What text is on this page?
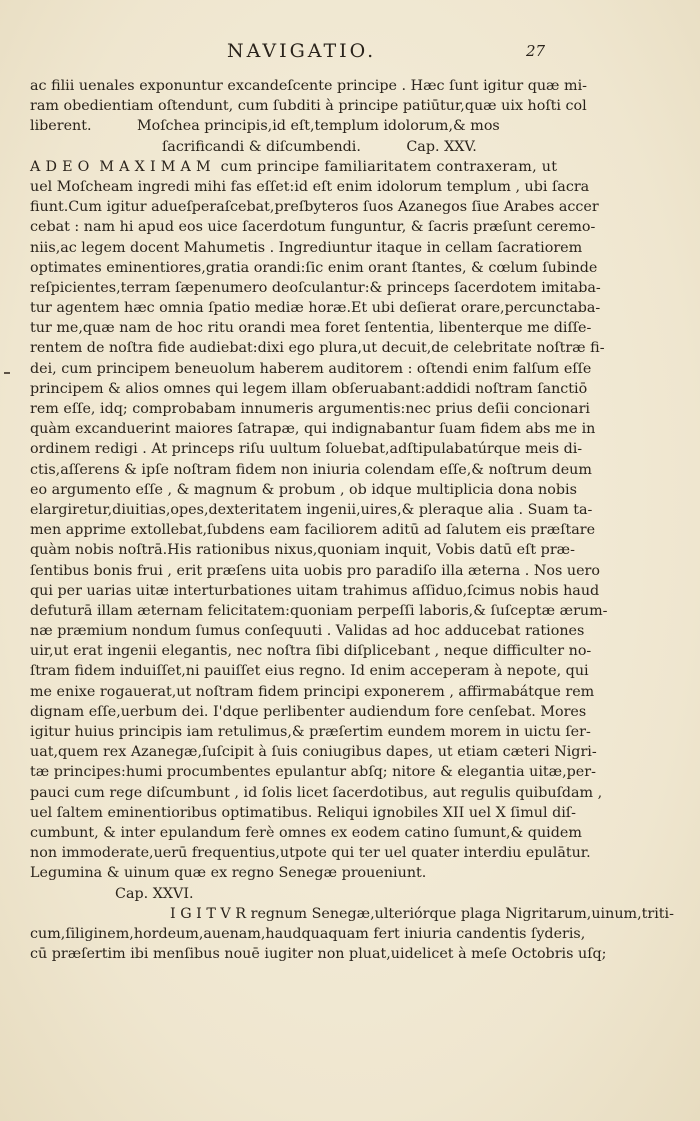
NAVIGATIO.	27
ac filii uenales exponuntur excandeſcente principe . Hæc ſunt igitur quæ mi-
ram obedientiam oſtendunt, cum ſubditi à principe patiūtur,quæ uix hoſti col
liberent.          Moſchea principis,id eſt,templum idolorum,& mos
ſacrificandi & diſcumbendi.          Cap. XXV.
A D E O  M A X I M A M  cum principe familiaritatem contraxeram, ut
uel Moſcheam ingredi mihi fas eſſet:id eſt enim idolorum templum , ubi ſacra
fiunt.Cum igitur adueſperaſcebat,preſbyteros ſuos Azanegos ſiue Arabes accer
cebat : nam hi apud eos uice ſacerdotum funguntur, & ſacris præſunt ceremo-
niis,ac legem docent Mahumetis . Ingrediuntur itaque in cellam ſacratiorem
optimates eminentiores,gratia orandi:ſic enim orant ſtantes, & cœlum ſubinde
reſpicientes,terram ſæpenumero deoſculantur:& princeps ſacerdotem imitaba-
tur agentem hæc omnia ſpatio mediæ horæ.Et ubi deſierat orare,percunctaba-
tur me,quæ nam de hoc ritu orandi mea foret ſententia, libenterque me diſſe-
rentem de noſtra fide audiebat:dixi ego plura,ut decuit,de celebritate noſtræ fi-
dei, cum principem beneuolum haberem auditorem : oſtendi enim falſum eſſe
principem & alios omnes qui legem illam obſeruabant:addidi noſtram ſanctiō
rem eſſe, idq; comprobabam innumeris argumentis:nec prius deſii concionari
quàm excanduerint maiores ſatrapæ, qui indignabantur ſuam fidem abs me in
ordinem redigi . At princeps riſu uultum ſoluebat,adſtipulabatúrque meis di-
ctis,aſſerens & ipſe noſtram fidem non iniuria colendam eſſe,& noſtrum deum
eo argumento eſſe , & magnum & probum , ob idque multiplicia dona nobis
elargiretur,diuitias,opes,dexteritatem ingenii,uires,& pleraque alia . Suam ta-
men apprime extollebat,ſubdens eam faciliorem aditū ad ſalutem eis præſtare
quàm nobis noſtrā.His rationibus nixus,quoniam inquit, Vobis datū eſt præ-
ſentibus bonis frui , erit præſens uita uobis pro paradiſo illa æterna . Nos uero
qui per uarias uitæ interturbationes uitam trahimus aſſiduo,ſcimus nobis haud
defuturā illam æternam felicitatem:quoniam perpeſſi laboris,& ſuſceptæ ærum-
næ præmium nondum ſumus conſequuti . Validas ad hoc adducebat rationes
uir,ut erat ingenii elegantis, nec noſtra ſibi diſplicebant , neque difficulter no-
ſtram fidem induiſſet,ni pauiſſet eius regno. Id enim acceperam à nepote, qui
me enixe rogauerat,ut noſtram fidem principi exponerem , affirmabátque rem
dignam eſſe,uerbum dei. I'dque perlibenter audiendum fore cenſebat. Mores
igitur huius principis iam retulimus,& præſertim eundem morem in uictu ſer-
uat,quem rex Azanegæ,ſuſcipit à ſuis coniugibus dapes, ut etiam cæteri Nigri-
tæ principes:humi procumbentes epulantur abſq; nitore & elegantia uitæ,per-
pauci cum rege diſcumbunt , id ſolis licet ſacerdotibus, aut regulis quibuſdam ,
uel ſaltem eminentioribus optimatibus. Reliqui ignobiles XII uel X ſimul diſ-
cumbunt, & inter epulandum ferè omnes ex eodem catino ſumunt,& quidem
non immoderate,uerū frequentius,utpote qui ter uel quater interdiu epulātur.
Legumina & uinum quæ ex regno Senegæ proueniunt.
Cap. XXVI.
I G I T V R regnum Senegæ,ulteriórque plaga Nigritarum,uinum,triti-
cum,ſiliginem,hordeum,auenam,haudquaquam fert iniuria candentis ſyderis,
cū præſertim ibi menſibus nouē iugiter non pluat,uidelicet à meſe Octobris uſq;
